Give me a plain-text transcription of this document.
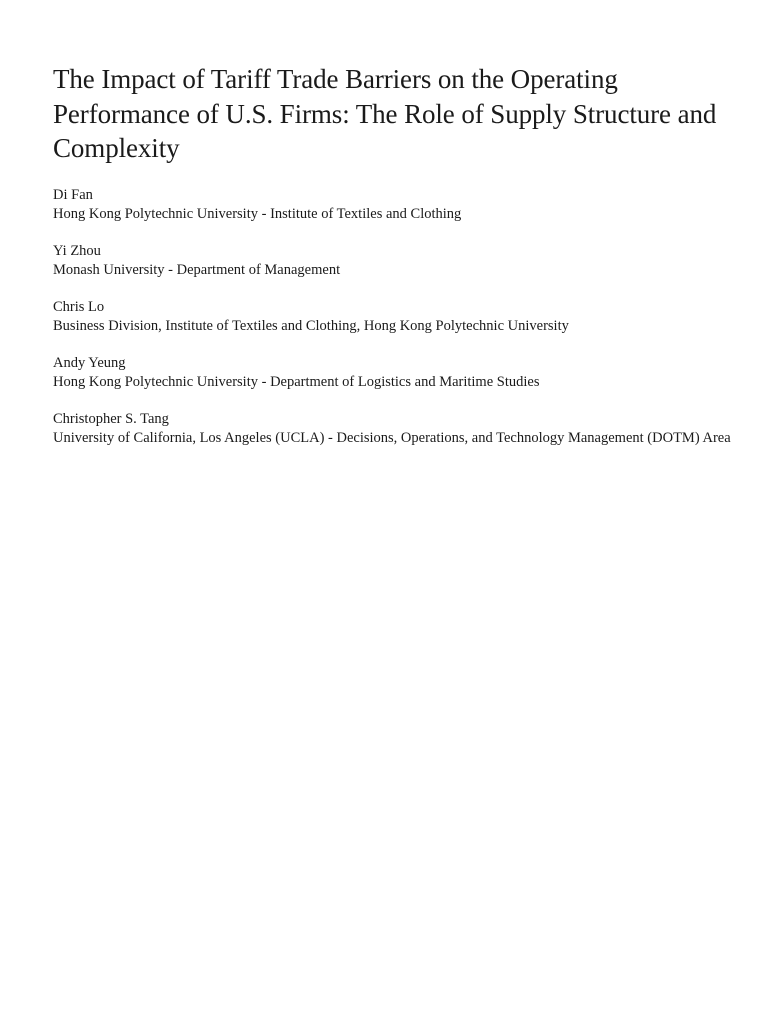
The Impact of Tariff Trade Barriers on the Operating Performance of U.S. Firms: The Role of Supply Structure and Complexity
Di Fan
Hong Kong Polytechnic University - Institute of Textiles and Clothing
Yi Zhou
Monash University - Department of Management
Chris Lo
Business Division, Institute of Textiles and Clothing, Hong Kong Polytechnic University
Andy Yeung
Hong Kong Polytechnic University - Department of Logistics and Maritime Studies
Christopher S. Tang
University of California, Los Angeles (UCLA) - Decisions, Operations, and Technology Management (DOTM) Area
